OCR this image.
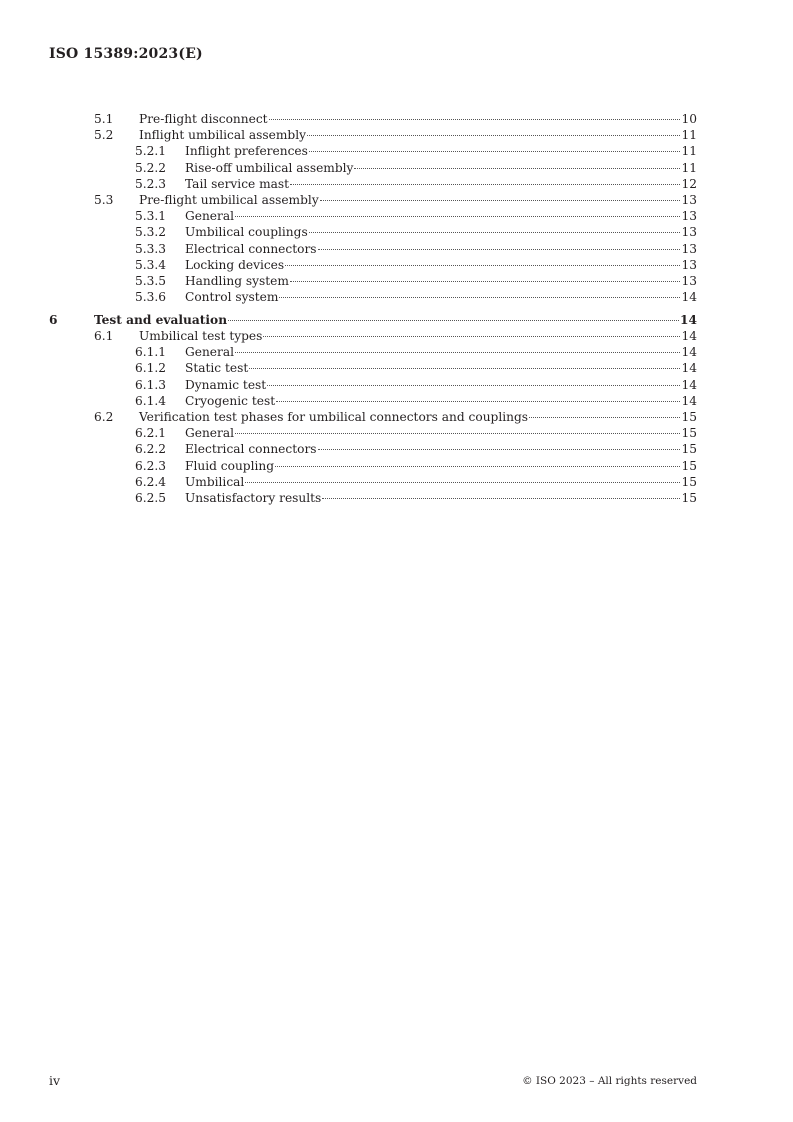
ISO 15389:2023(E)
5.1 Pre-flight disconnect	10
5.2 Inflight umbilical assembly	11
5.2.1 Inflight preferences	11
5.2.2 Rise-off umbilical assembly	11
5.2.3 Tail service mast	12
5.3 Pre-flight umbilical assembly	13
5.3.1 General	13
5.3.2 Umbilical couplings	13
5.3.3 Electrical connectors	13
5.3.4 Locking devices	13
5.3.5 Handling system	13
5.3.6 Control system	14
6	Test and evaluation	14
6.1 Umbilical test types	14
6.1.1 General	14
6.1.2 Static test	14
6.1.3 Dynamic test	14
6.1.4 Cryogenic test	14
6.2 Verification test phases for umbilical connectors and couplings	15
6.2.1 General	15
6.2.2 Electrical connectors	15
6.2.3 Fluid coupling	15
6.2.4 Umbilical	15
6.2.5 Unsatisfactory results	15
iv	© ISO 2023 – All rights reserved
